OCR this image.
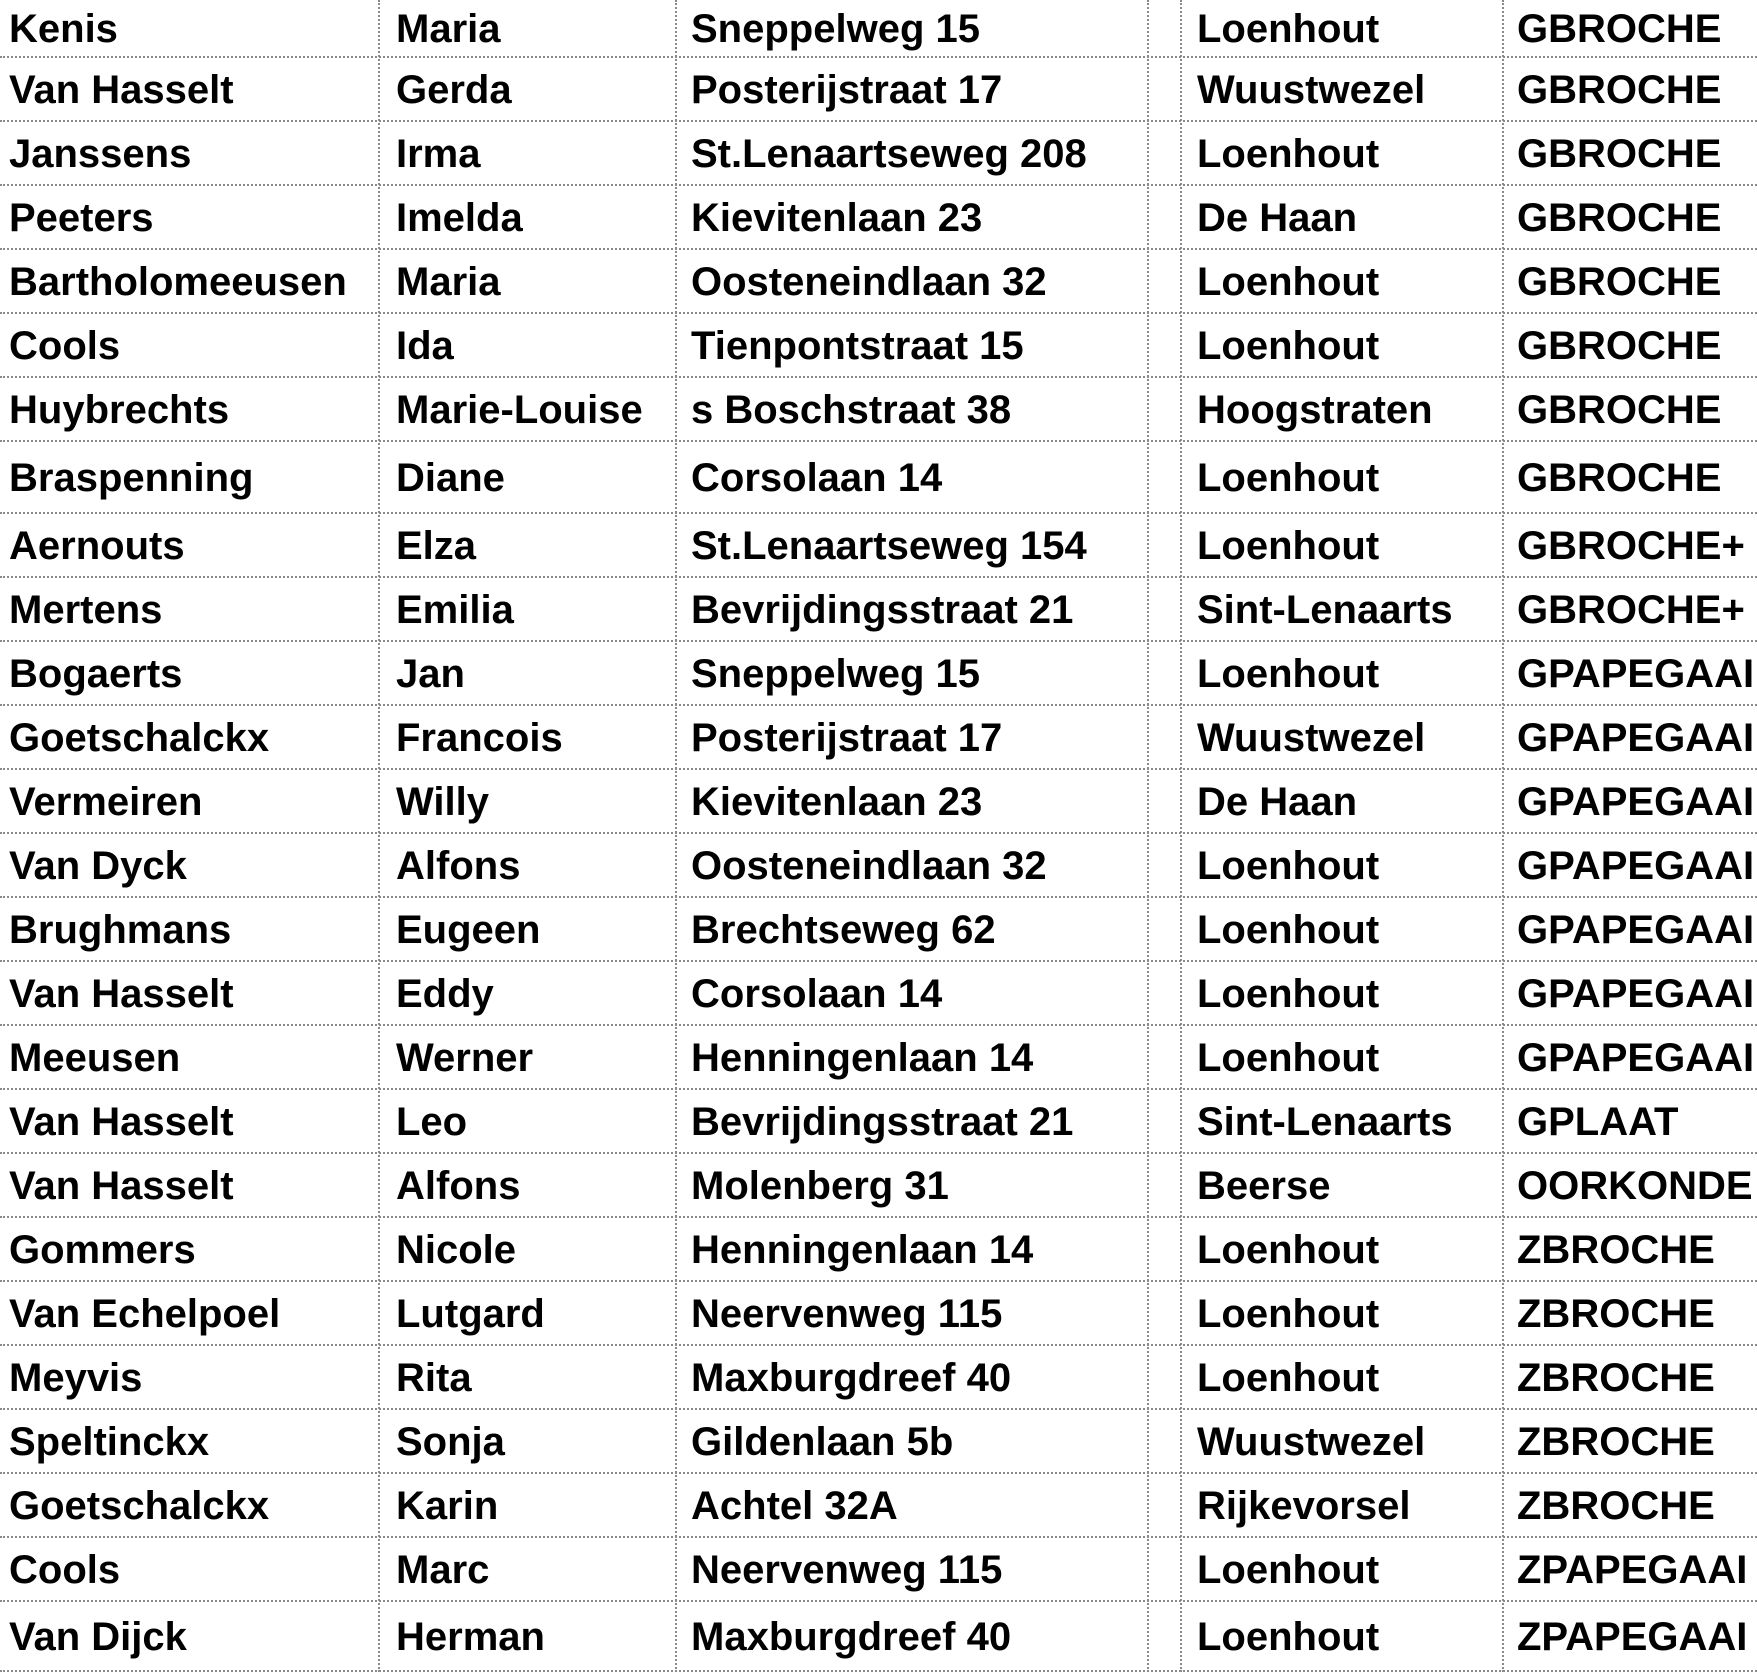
Kenis	Maria	Sneppelweg 15	Loenhout	GBROCHE
Van Hasselt	Gerda	Posterijstraat 17	Wuustwezel	GBROCHE
Janssens	Irma	St.Lenaartseweg 208	Loenhout	GBROCHE
Peeters	Imelda	Kievitenlaan 23	De Haan	GBROCHE
Bartholomeeusen	Maria	Oosteneindlaan 32	Loenhout	GBROCHE
Cools	Ida	Tienpontstraat 15	Loenhout	GBROCHE
Huybrechts	Marie-Louise	s Boschstraat 38	Hoogstraten	GBROCHE
Braspenning	Diane	Corsolaan 14	Loenhout	GBROCHE
Aernouts	Elza	St.Lenaartseweg 154	Loenhout	GBROCHE+
Mertens	Emilia	Bevrijdingsstraat 21	Sint-Lenaarts	GBROCHE+
Bogaerts	Jan	Sneppelweg 15	Loenhout	GPAPEGAAI
Goetschalckx	Francois	Posterijstraat 17	Wuustwezel	GPAPEGAAI
Vermeiren	Willy	Kievitenlaan 23	De Haan	GPAPEGAAI
Van Dyck	Alfons	Oosteneindlaan 32	Loenhout	GPAPEGAAI
Brughmans	Eugeen	Brechtseweg 62	Loenhout	GPAPEGAAI
Van Hasselt	Eddy	Corsolaan 14	Loenhout	GPAPEGAAI
Meeusen	Werner	Henningenlaan 14	Loenhout	GPAPEGAAI
Van Hasselt	Leo	Bevrijdingsstraat 21	Sint-Lenaarts	GPLAAT
Van Hasselt	Alfons	Molenberg 31	Beerse	OORKONDE
Gommers	Nicole	Henningenlaan 14	Loenhout	ZBROCHE
Van Echelpoel	Lutgard	Neervenweg 115	Loenhout	ZBROCHE
Meyvis	Rita	Maxburgdreef 40	Loenhout	ZBROCHE
Speltinckx	Sonja	Gildenlaan 5b	Wuustwezel	ZBROCHE
Goetschalckx	Karin	Achtel 32A	Rijkevorsel	ZBROCHE
Cools	Marc	Neervenweg 115	Loenhout	ZPAPEGAAI
Van Dijck	Herman	Maxburgdreef 40	Loenhout	ZPAPEGAAI
